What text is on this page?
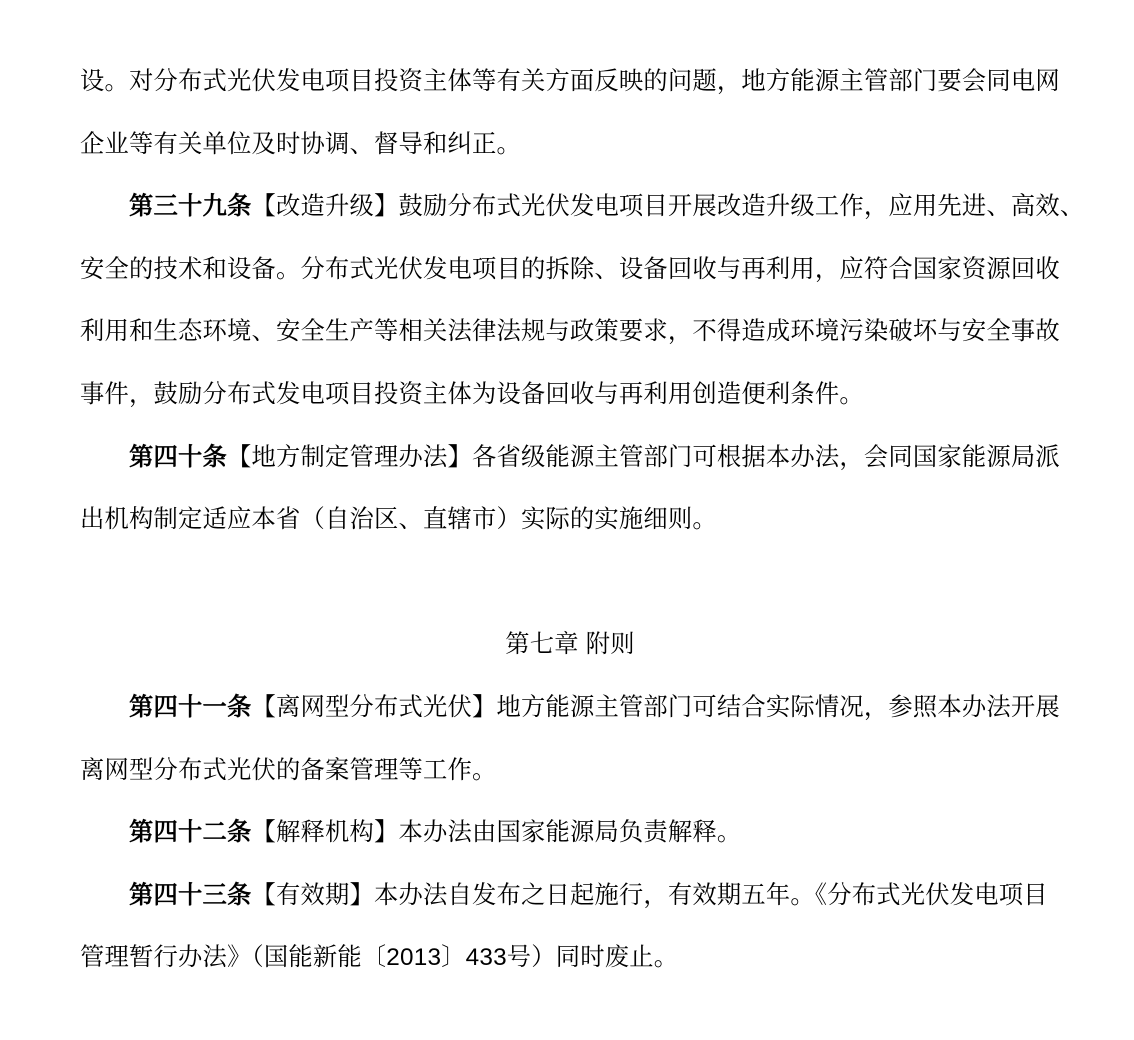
设。对分布式光伏发电项目投资主体等有关方面反映的问题，地方能源主管部门要会同电网
企业等有关单位及时协调、督导和纠正。
第三十九条【改造升级】鼓励分布式光伏发电项目开展改造升级工作，应用先进、高效、
安全的技术和设备。分布式光伏发电项目的拆除、设备回收与再利用，应符合国家资源回收
利用和生态环境、安全生产等相关法律法规与政策要求，不得造成环境污染破坏与安全事故
事件，鼓励分布式发电项目投资主体为设备回收与再利用创造便利条件。
第四十条【地方制定管理办法】各省级能源主管部门可根据本办法，会同国家能源局派
出机构制定适应本省（自治区、直辖市）实际的实施细则。
第七章 附则
第四十一条【离网型分布式光伏】地方能源主管部门可结合实际情况，参照本办法开展
离网型分布式光伏的备案管理等工作。
第四十二条【解释机构】本办法由国家能源局负责解释。
第四十三条【有效期】本办法自发布之日起施行，有效期五年。《分布式光伏发电项目
管理暂行办法》（国能新能〔2013〕433号）同时废止。
